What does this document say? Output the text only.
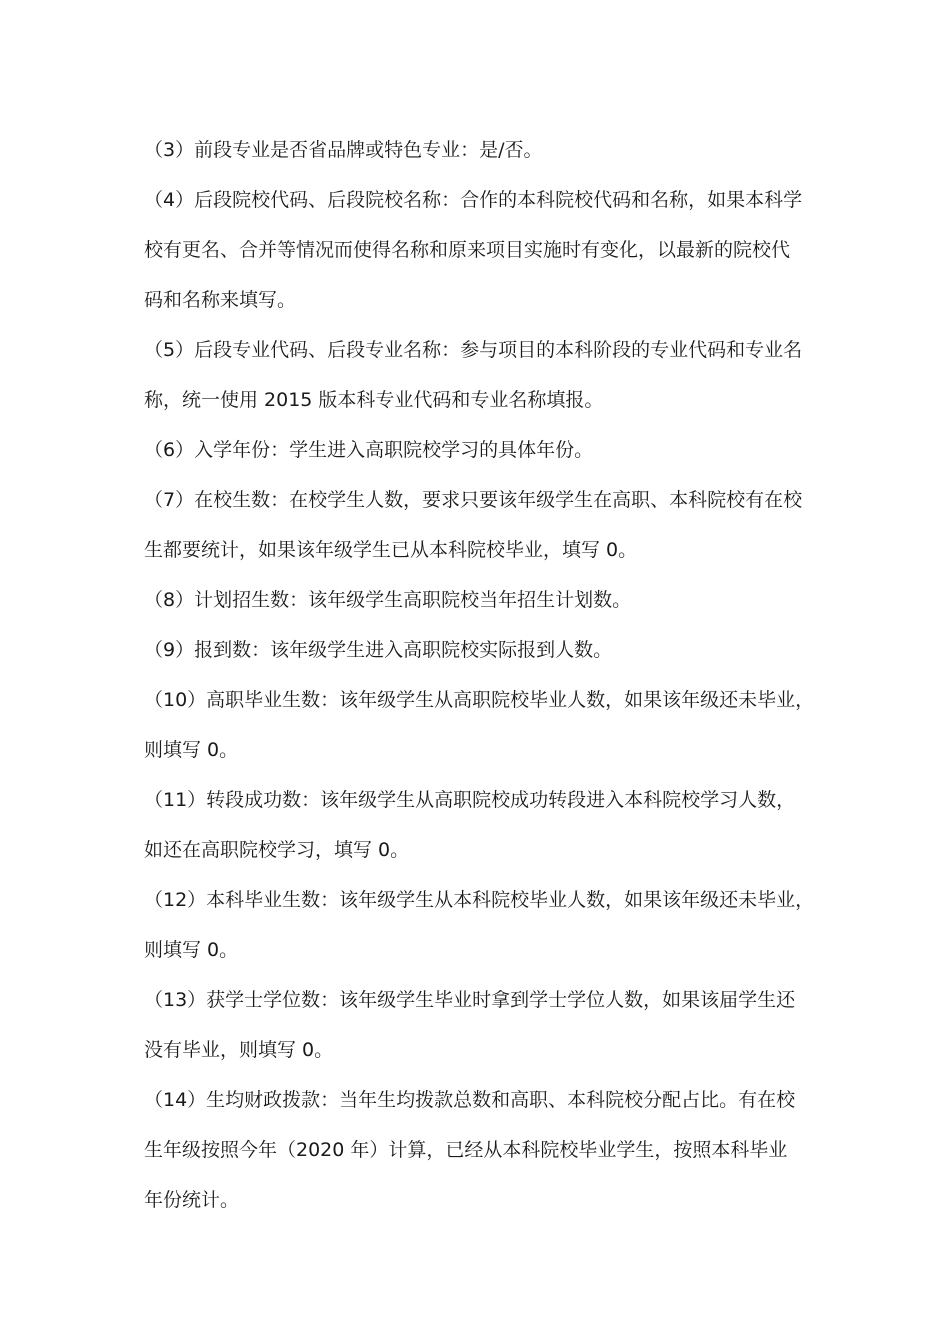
（3）前段专业是否省品牌或特色专业：是/否。
（4）后段院校代码、后段院校名称：合作的本科院校代码和名称，如果本科学
校有更名、合并等情况而使得名称和原来项目实施时有变化，以最新的院校代
码和名称来填写。
（5）后段专业代码、后段专业名称：参与项目的本科阶段的专业代码和专业名
称，统一使用 2015 版本科专业代码和专业名称填报。
（6）入学年份：学生进入高职院校学习的具体年份。
（7）在校生数：在校学生人数，要求只要该年级学生在高职、本科院校有在校
生都要统计，如果该年级学生已从本科院校毕业，填写 0。
（8）计划招生数：该年级学生高职院校当年招生计划数。
（9）报到数：该年级学生进入高职院校实际报到人数。
（10）高职毕业生数：该年级学生从高职院校毕业人数，如果该年级还未毕业，
则填写 0。
（11）转段成功数：该年级学生从高职院校成功转段进入本科院校学习人数，
如还在高职院校学习，填写 0。
（12）本科毕业生数：该年级学生从本科院校毕业人数，如果该年级还未毕业，
则填写 0。
（13）获学士学位数：该年级学生毕业时拿到学士学位人数，如果该届学生还
没有毕业，则填写 0。
（14）生均财政拨款：当年生均拨款总数和高职、本科院校分配占比。有在校
生年级按照今年（2020 年）计算，已经从本科院校毕业学生，按照本科毕业
年份统计。
